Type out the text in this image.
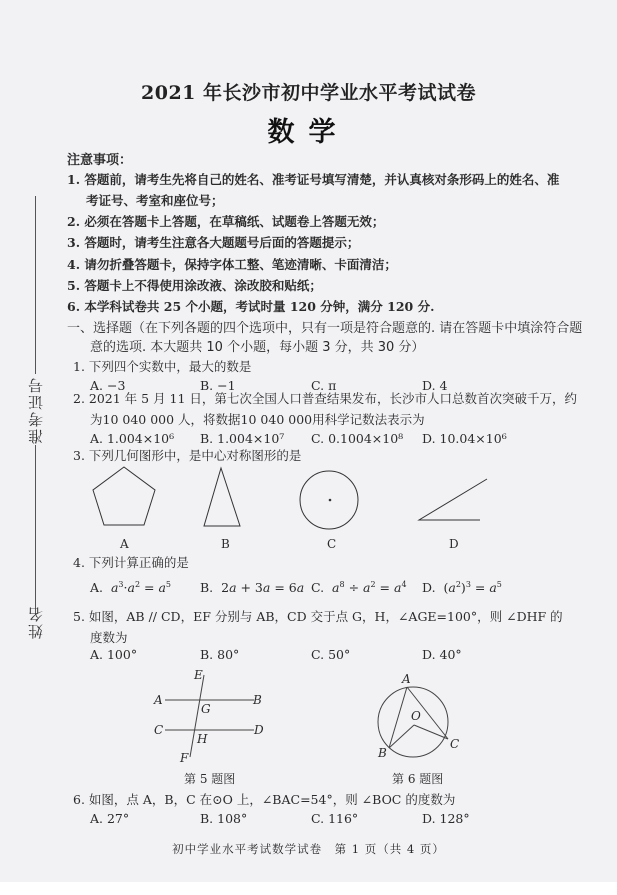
准考证号
姓名
2021 年长沙市初中学业水平考试试卷
数学
注意事项：
1. 答题前，请考生先将自己的姓名、准考证号填写清楚，并认真核对条形码上的姓名、准
考证号、考室和座位号；
2. 必须在答题卡上答题，在草稿纸、试题卷上答题无效；
3. 答题时，请考生注意各大题题号后面的答题提示；
4. 请勿折叠答题卡，保持字体工整、笔迹清晰、卡面清洁；
5. 答题卡上不得使用涂改液、涂改胶和贴纸；
6. 本学科试卷共 25 个小题，考试时量 120 分钟，满分 120 分.
一、选择题（在下列各题的四个选项中，只有一项是符合题意的. 请在答题卡中填涂符合题
意的选项. 本大题共 10 个小题，每小题 3 分，共 30 分）
1. 下列四个实数中，最大的数是
A. −3	B. −1	C. π	D. 4
2. 2021 年 5 月 11 日，第七次全国人口普查结果发布，长沙市人口总数首次突破千万，约
为10 040 000 人，将数据10 040 000用科学记数法表示为
A. 1.004×10⁶ B. 1.004×10⁷ C. 0.1004×10⁸ D. 10.04×10⁶
3. 下列几何图形中，是中心对称图形的是
A	B	C	D
4. 下列计算正确的是
A.  $a^3\cdot a^2 = a^5$ B.  2a + 3a = 6a C.  $a^8 \div a^2 = a^4$ D.  $(a^2)^3 = a^5$
5. 如图，AB // CD，EF 分别与 AB，CD 交于点 G，H，∠AGE=100°，则 ∠DHF 的
度数为
A. 100°	B. 80°	C. 50°	D. 40°
E
A	B
G
C	D
H
F
第 5 题图
A
O
B
C
第 6 题图
6. 如图，点 A，B，C 在⊙O 上，∠BAC=54°，则 ∠BOC 的度数为
A. 27°	B. 108°	C. 116°	D. 128°
初中学业水平考试数学试卷　第 1 页（共 4 页）
